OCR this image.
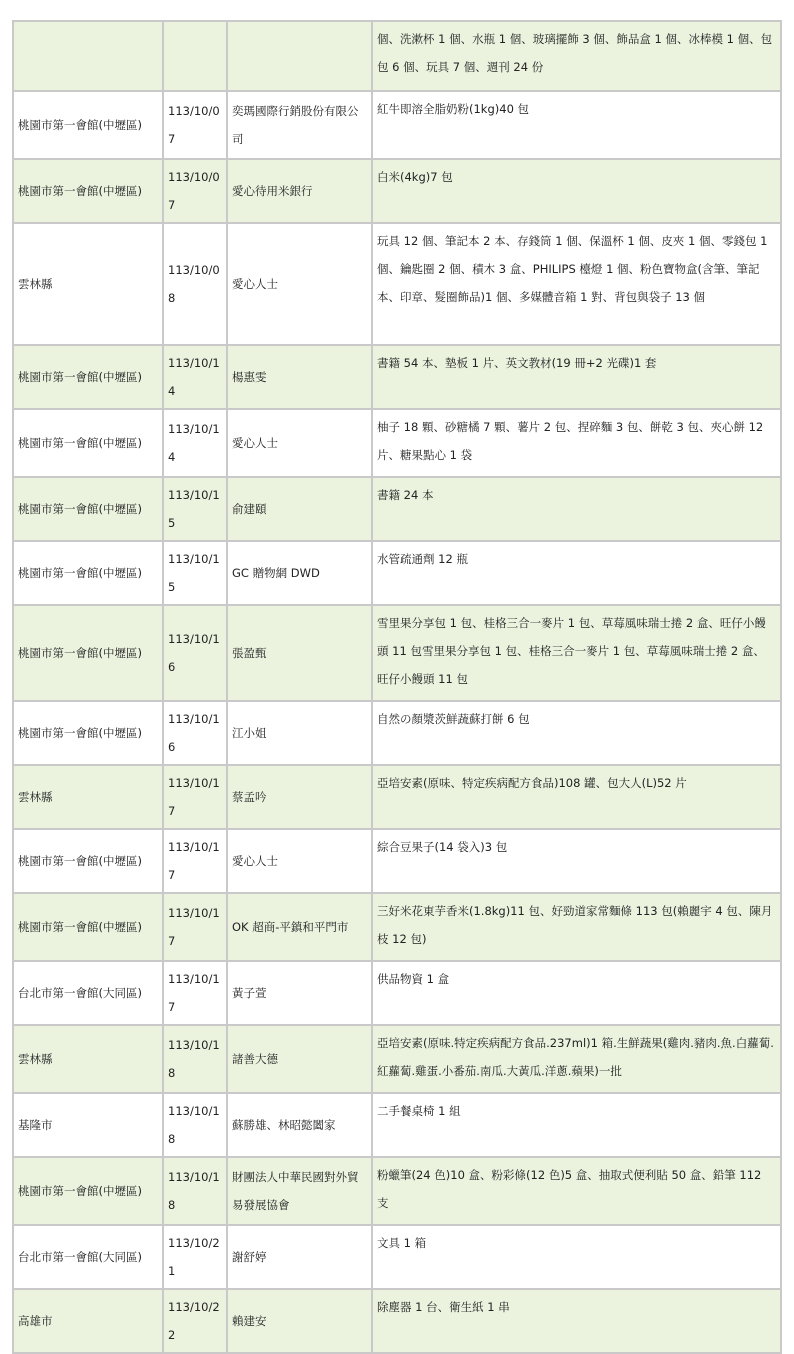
			個、洗漱杯 1 個、水瓶 1 個、玻璃擺飾 3 個、飾品盒 1 個、冰棒模 1 個、包包 6 個、玩具 7 個、週刊 24 份
桃園市第一會館(中壢區)	113/10/07	奕瑪國際行銷股份有限公司	紅牛即溶全脂奶粉(1kg)40 包
桃園市第一會館(中壢區)	113/10/07	愛心待用米銀行	白米(4kg)7 包
雲林縣	113/10/08	愛心人士	玩具 12 個、筆記本 2 本、存錢筒 1 個、保溫杯 1 個、皮夾 1 個、零錢包 1 個、鑰匙圈 2 個、積木 3 盒、PHILIPS 檯燈 1 個、粉色寶物盒(含筆、筆記本、印章、髮圈飾品)1 個、多媒體音箱 1 對、背包與袋子 13 個
桃園市第一會館(中壢區)	113/10/14	楊惠雯	書籍 54 本、墊板 1 片、英文教材(19 冊+2 光碟)1 套
桃園市第一會館(中壢區)	113/10/14	愛心人士	柚子 18 顆、砂糖橘 7 顆、薯片 2 包、捏碎麵 3 包、餅乾 3 包、夾心餅 12 片、糖果點心 1 袋
桃園市第一會館(中壢區)	113/10/15	俞建頤	書籍 24 本
桃園市第一會館(中壢區)	113/10/15	GC 贈物網 DWD	水管疏通劑 12 瓶
桃園市第一會館(中壢區)	113/10/16	張盈甄	雪里果分享包 1 包、桂格三合一麥片 1 包、草莓風味瑞士捲 2 盒、旺仔小饅頭 11 包雪里果分享包 1 包、桂格三合一麥片 1 包、草莓風味瑞士捲 2 盒、旺仔小饅頭 11 包
桃園市第一會館(中壢區)	113/10/16	江小姐	自然の顏漿茨鮮蔬蘇打餅 6 包
雲林縣	113/10/17	蔡孟吟	亞培安素(原味、特定疾病配方食品)108 罐、包大人(L)52 片
桃園市第一會館(中壢區)	113/10/17	愛心人士	綜合豆果子(14 袋入)3 包
桃園市第一會館(中壢區)	113/10/17	OK 超商-平鎮和平門市	三好米花東芋香米(1.8kg)11 包、好勁道家常麵條 113 包(賴麗宇 4 包、陳月枝 12 包)
台北市第一會館(大同區)	113/10/17	黃子萱	供品物資 1 盒
雲林縣	113/10/18	諸善大德	亞培安素(原味.特定疾病配方食品.237ml)1 箱.生鮮蔬果(雞肉.豬肉.魚.白蘿蔔.紅蘿蔔.雞蛋.小番茄.南瓜.大黃瓜.洋蔥.蘋果)一批
基隆市	113/10/18	蘇勝雄、林昭懿闔家	二手餐桌椅 1 組
桃園市第一會館(中壢區)	113/10/18	財團法人中華民國對外貿易發展協會	粉蠟筆(24 色)10 盒、粉彩條(12 色)5 盒、抽取式便利貼 50 盒、鉛筆 112 支
台北市第一會館(大同區)	113/10/21	謝舒婷	文具 1 箱
高雄市	113/10/22	賴建安	除塵器 1 台、衛生紙 1 串
